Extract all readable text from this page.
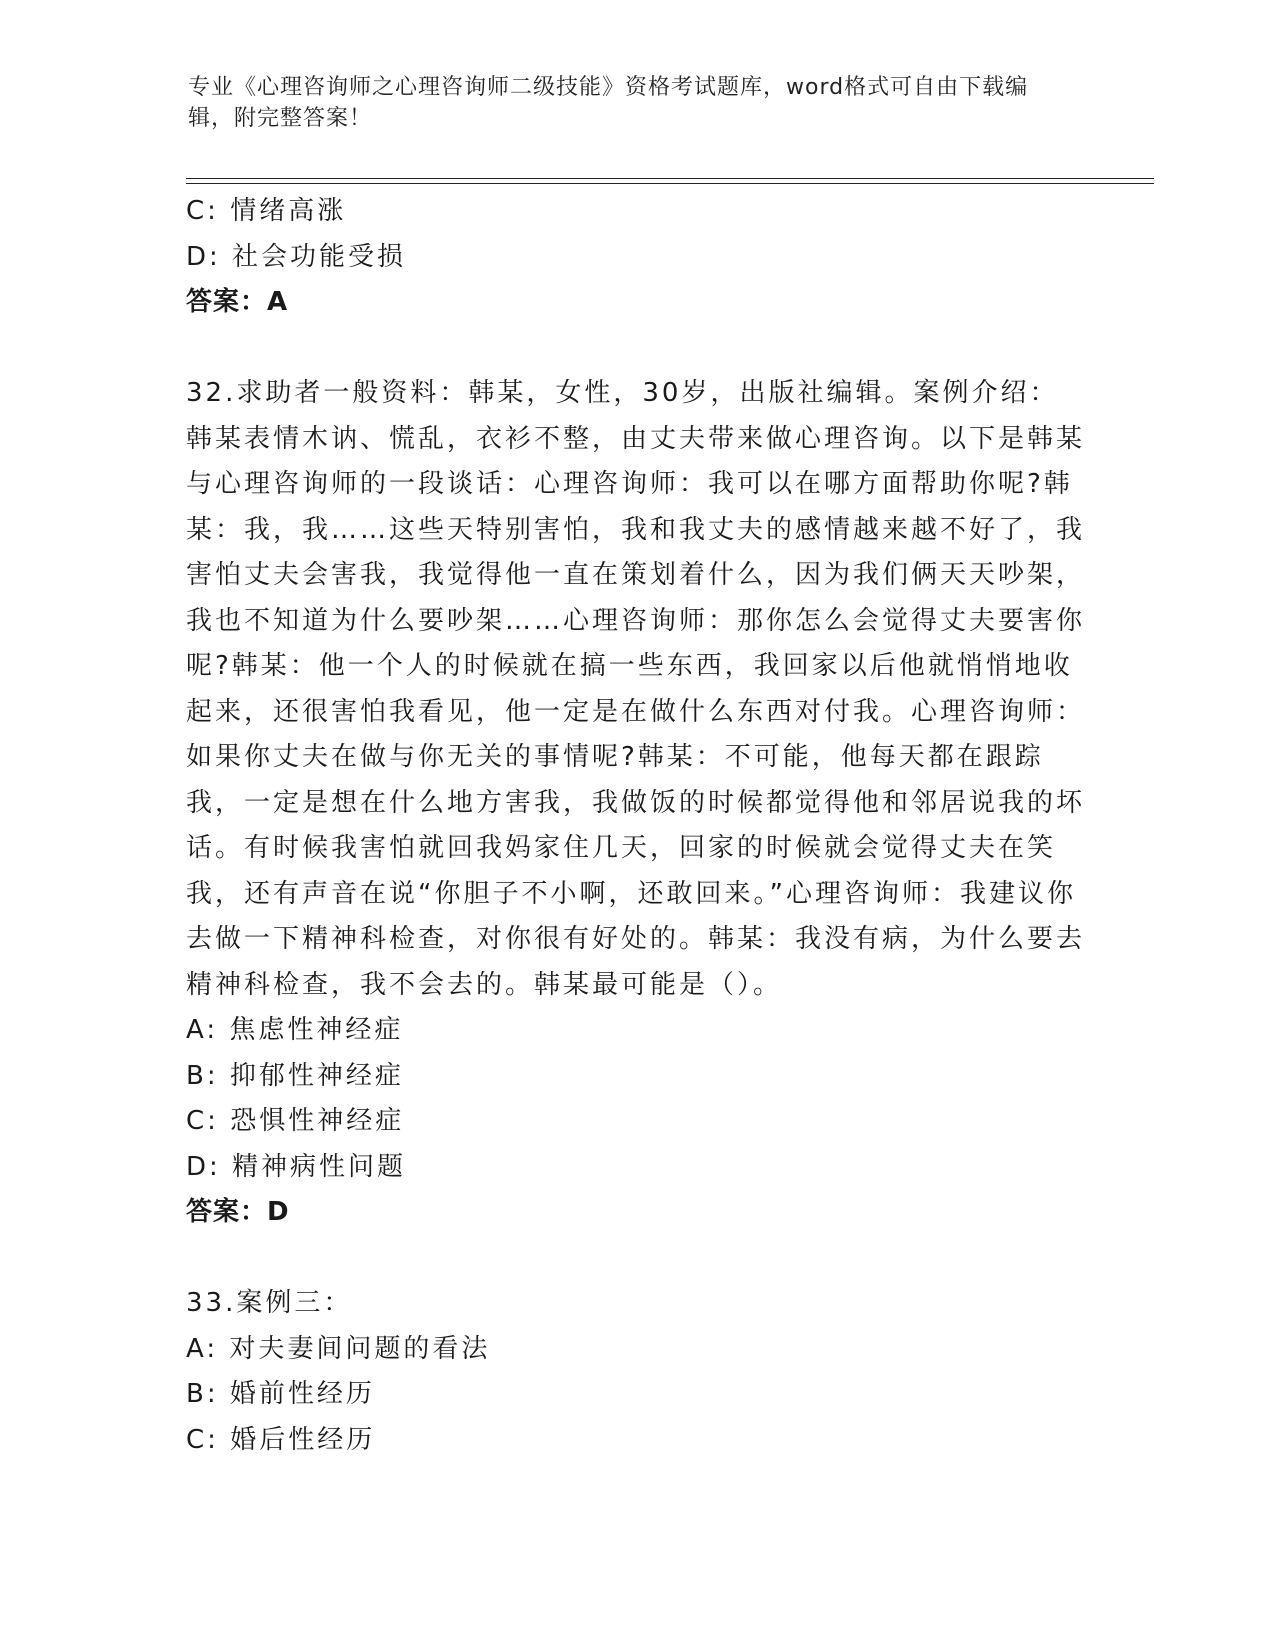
专业《心理咨询师之心理咨询师二级技能》资格考试题库，word格式可自由下载编辑，附完整答案！
C: 情绪高涨
D: 社会功能受损
答案：A
32.求助者一般资料：韩某，女性，30岁，出版社编辑。案例介绍：韩某表情木讷、慌乱，衣衫不整，由丈夫带来做心理咨询。以下是韩某与心理咨询师的一段谈话：心理咨询师：我可以在哪方面帮助你呢?韩某：我，我……这些天特别害怕，我和我丈夫的感情越来越不好了，我害怕丈夫会害我，我觉得他一直在策划着什么，因为我们俩天天吵架，我也不知道为什么要吵架……心理咨询师：那你怎么会觉得丈夫要害你呢?韩某：他一个人的时候就在搞一些东西，我回家以后他就悄悄地收起来，还很害怕我看见，他一定是在做什么东西对付我。心理咨询师：如果你丈夫在做与你无关的事情呢?韩某：不可能，他每天都在跟踪我，一定是想在什么地方害我，我做饭的时候都觉得他和邻居说我的坏话。有时候我害怕就回我妈家住几天，回家的时候就会觉得丈夫在笑我，还有声音在说“你胆子不小啊，还敢回来。”心理咨询师：我建议你去做一下精神科检查，对你很有好处的。韩某：我没有病，为什么要去精神科检查，我不会去的。韩某最可能是（）。
A: 焦虑性神经症
B: 抑郁性神经症
C: 恐惧性神经症
D: 精神病性问题
答案：D
33.案例三：
A: 对夫妻间问题的看法
B: 婚前性经历
C: 婚后性经历
